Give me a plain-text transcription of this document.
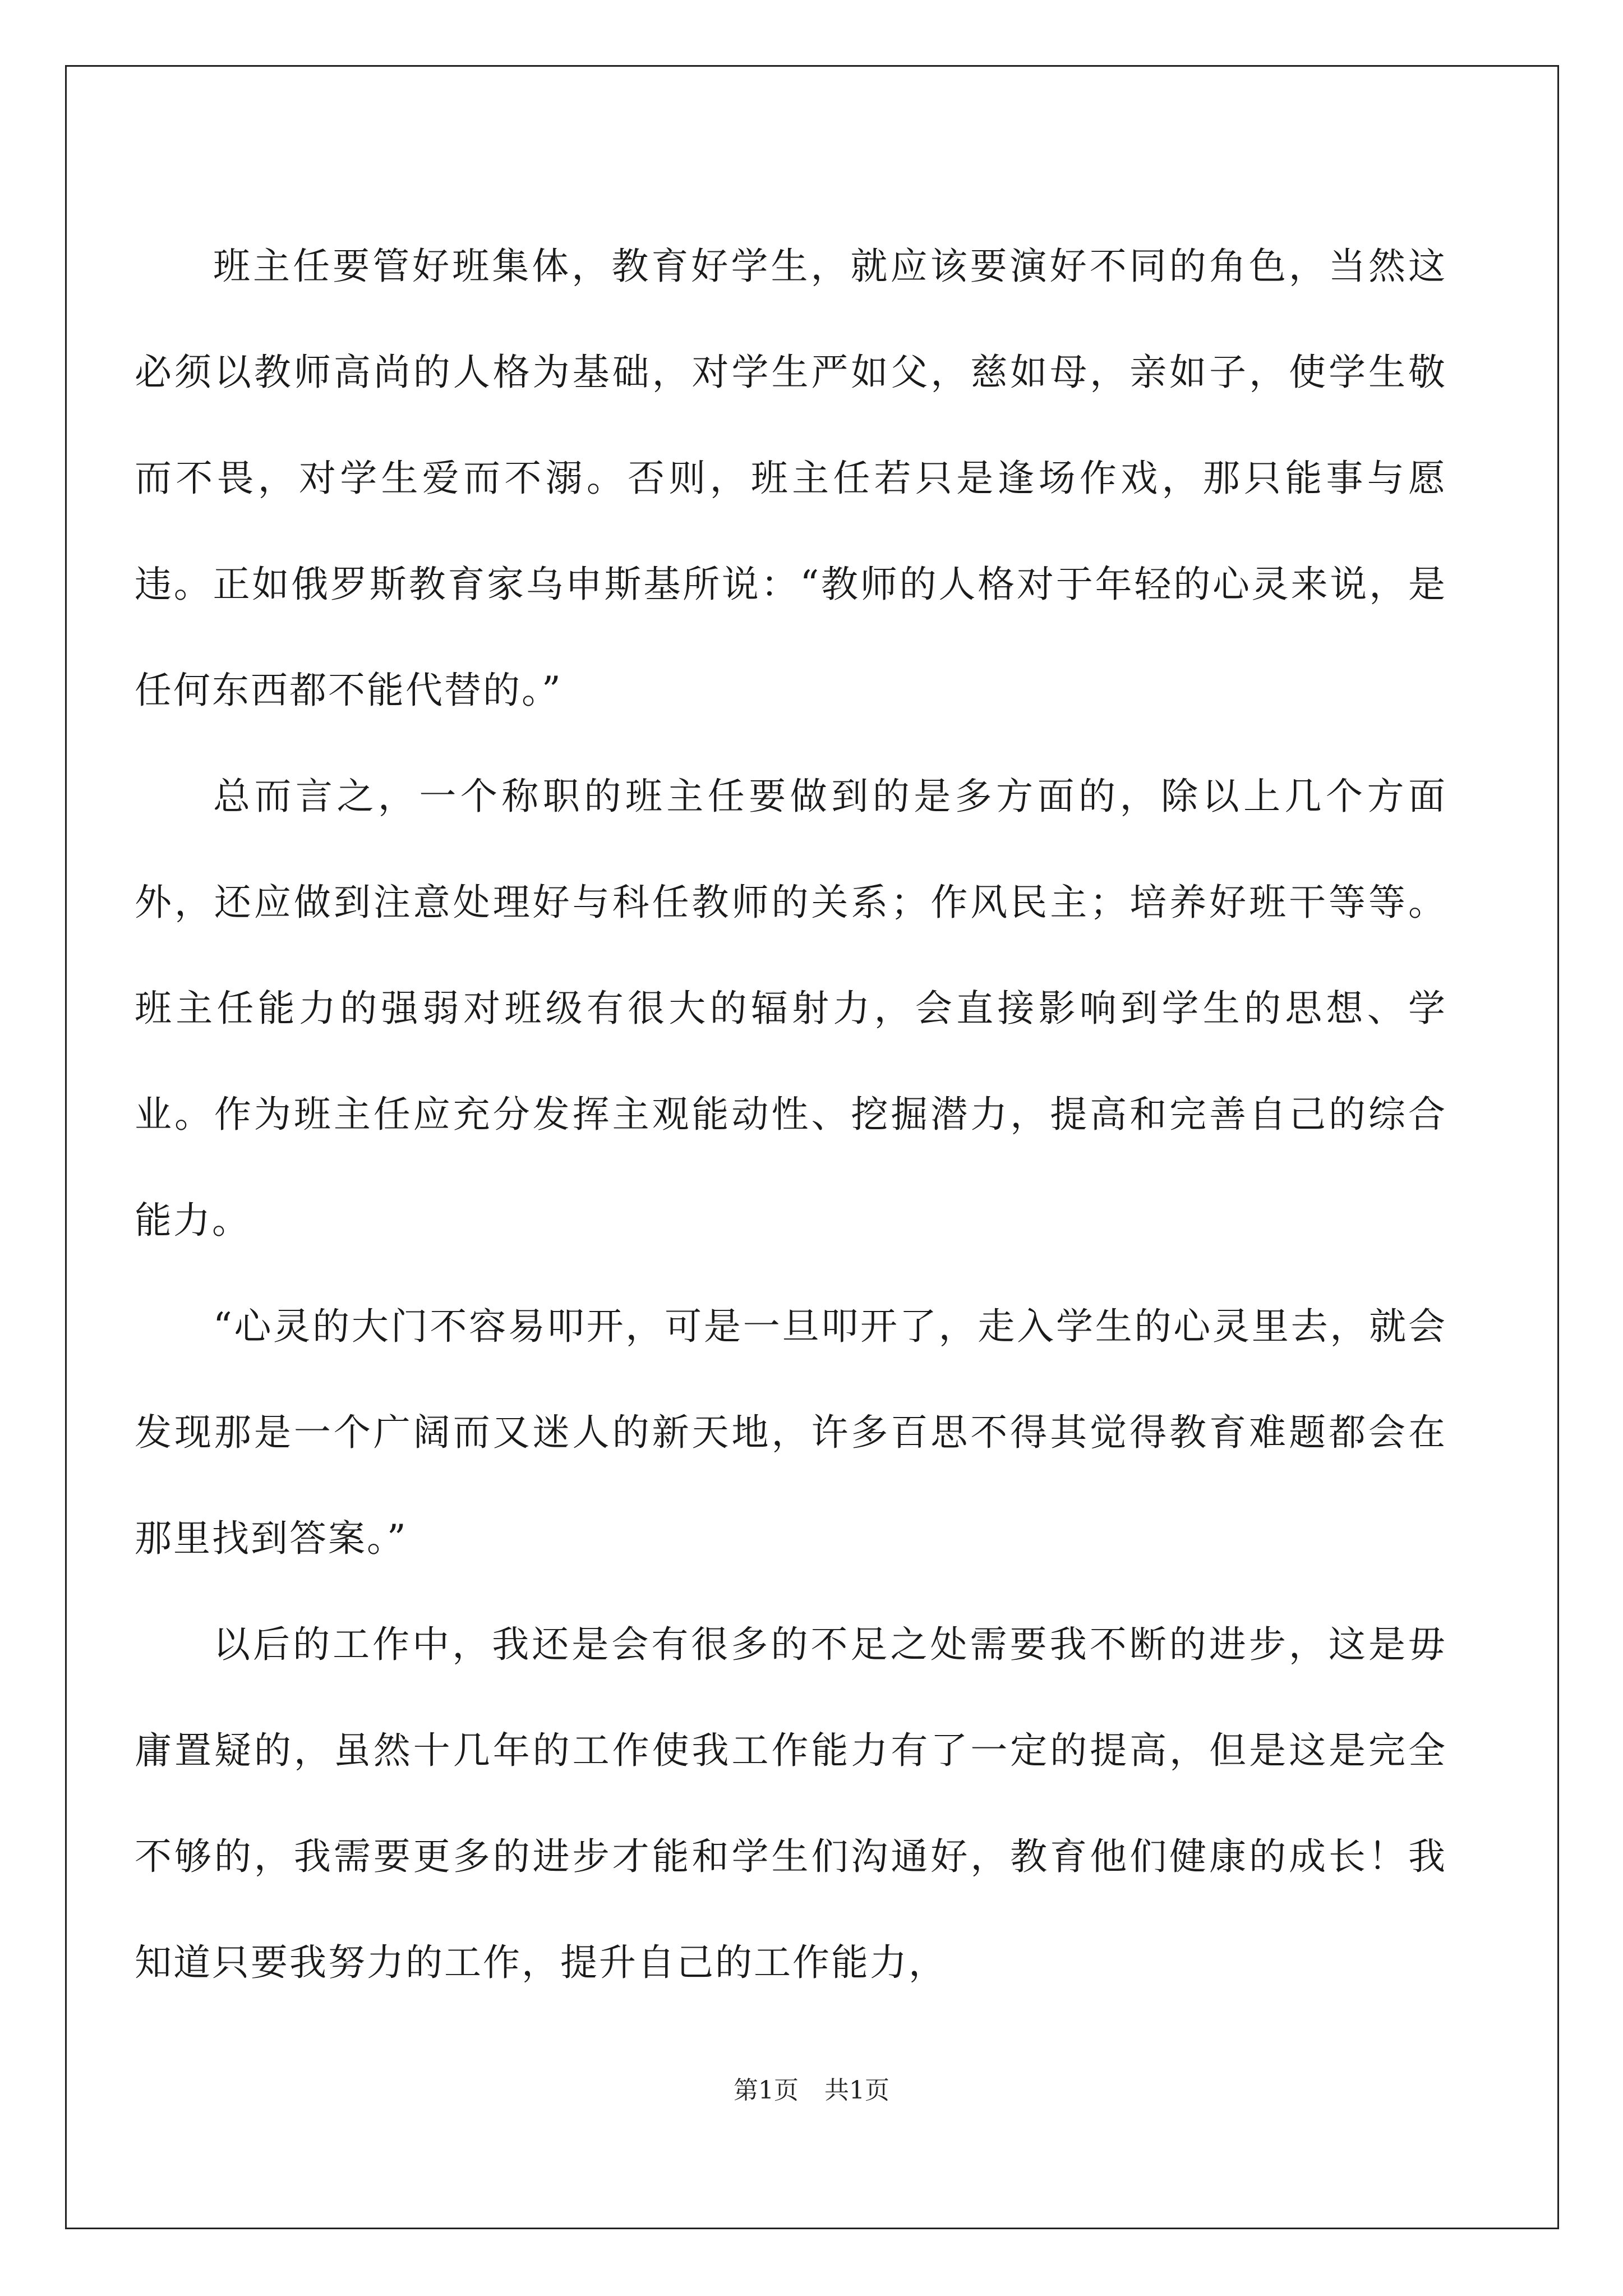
班主任要管好班集体，教育好学生，就应该要演好不同的角色，当然这必须以教师高尚的人格为基础，对学生严如父，慈如母，亲如子，使学生敬而不畏，对学生爱而不溺。否则，班主任若只是逢场作戏，那只能事与愿违。正如俄罗斯教育家乌申斯基所说：“教师的人格对于年轻的心灵来说，是任何东西都不能代替的。”

总而言之，一个称职的班主任要做到的是多方面的，除以上几个方面外，还应做到注意处理好与科任教师的关系；作风民主；培养好班干等等。班主任能力的强弱对班级有很大的辐射力，会直接影响到学生的思想、学业。作为班主任应充分发挥主观能动性、挖掘潜力，提高和完善自己的综合能力。

“心灵的大门不容易叩开，可是一旦叩开了，走入学生的心灵里去，就会发现那是一个广阔而又迷人的新天地，许多百思不得其觉得教育难题都会在那里找到答案。”

以后的工作中，我还是会有很多的不足之处需要我不断的进步，这是毋庸置疑的，虽然十几年的工作使我工作能力有了一定的提高，但是这是完全不够的，我需要更多的进步才能和学生们沟通好，教育他们健康的成长！我知道只要我努力的工作，提升自己的工作能力，

第1页 共1页
